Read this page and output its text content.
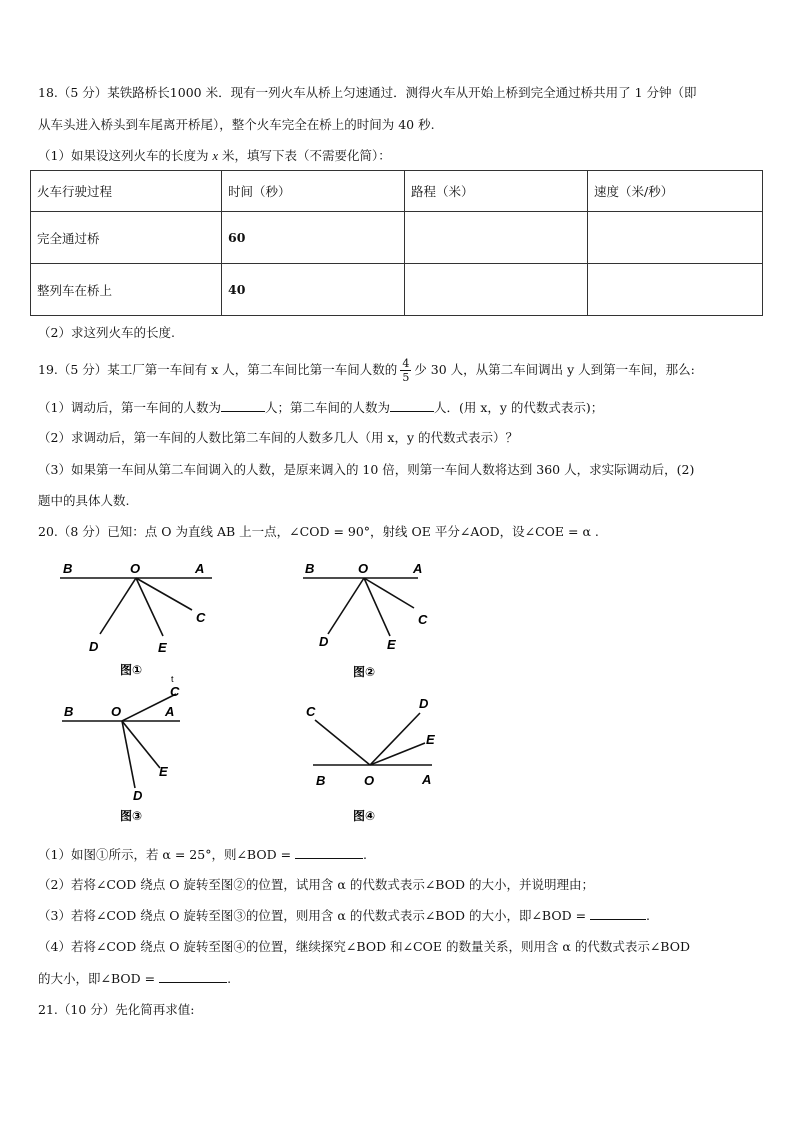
18.（5 分）某铁路桥长1000 米．现有一列火车从桥上匀速通过．测得火车从开始上桥到完全通过桥共用了 1 分钟（即
从车头进入桥头到车尾离开桥尾），整个火车完全在桥上的时间为 40 秒.
（1）如果设这列火车的长度为 x 米，填写下表（不需要化简）：
火车行驶过程	时间（秒）	路程（米）	速度（米/秒）
完全通过桥	60		
整列车在桥上	40		
（2）求这列火车的长度.
19.（5 分）某工厂第一车间有 x 人，第二车间比第一车间人数的 $\frac{4}{5}$ 少 30 人，从第二车间调出 y 人到第一车间，那么:
（1）调动后，第一车间的人数为	人；第二车间的人数为	人．(用 x，y 的代数式表示)；
（2）求调动后，第一车间的人数比第二车间的人数多几人（用 x，y 的代数式表示）？
（3）如果第一车间从第二车间调入的人数，是原来调入的 10 倍，则第一车间人数将达到 360 人，求实际调动后，(2)
题中的具体人数.
20.（8 分）已知：点 O 为直线 AB 上一点，∠COD = 90°，射线 OE 平分∠AOD，设∠COE = α .
B	O	A
C
D	E
图①
t
B	O	A
C
D	E
图②
B	O	A
C
D
E
图③
B	O	A
C
D
E
图④
（1）如图①所示，若 α = 25°，则∠BOD =	.
（2）若将∠COD 绕点 O 旋转至图②的位置，试用含 α 的代数式表示∠BOD 的大小，并说明理由；
（3）若将∠COD 绕点 O 旋转至图③的位置，则用含 α 的代数式表示∠BOD 的大小，即∠BOD =	.
（4）若将∠COD 绕点 O 旋转至图④的位置，继续探究∠BOD 和∠COE 的数量关系，则用含 α 的代数式表示∠BOD
的大小，即∠BOD =	.
21.（10 分）先化简再求值:
